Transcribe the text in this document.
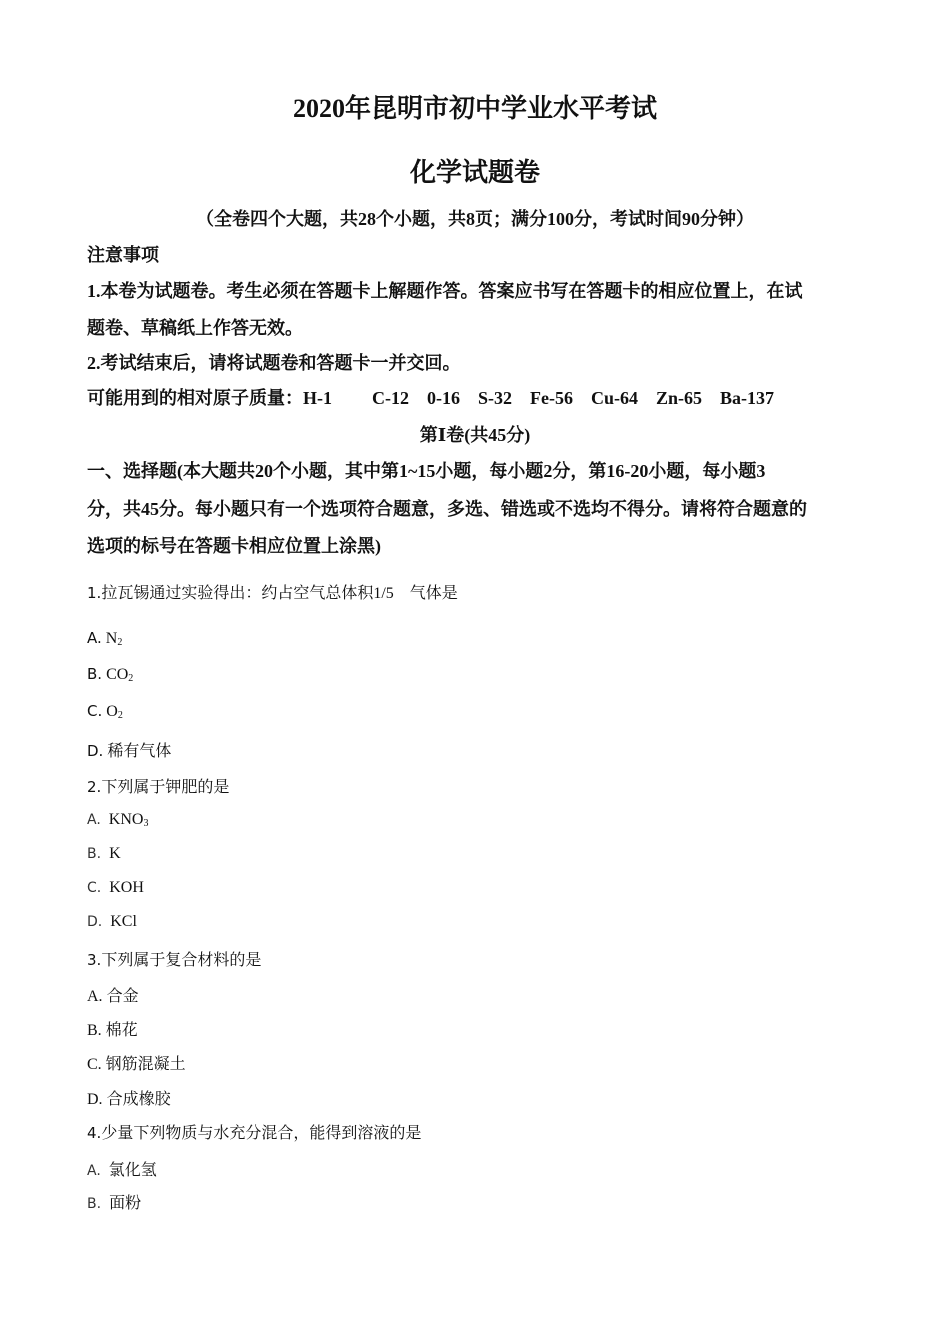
2020年昆明市初中学业水平考试
化学试题卷
（全卷四个大题，共28个小题，共8页；满分100分，考试时间90分钟）
注意事项
1.本卷为试题卷。考生必须在答题卡上解题作答。答案应书写在答题卡的相应位置上，在试
题卷、草稿纸上作答无效。
2.考试结束后，请将试题卷和答题卡一并交回。
可能用到的相对原子质量：H-1 C-12 0-16 S-32 Fe-56 Cu-64 Zn-65 Ba-137
第Ⅰ卷(共45分)
一、选择题(本大题共20个小题，其中第1~15小题，每小题2分，第16-20小题，每小题3
分，共45分。每小题只有一个选项符合题意，多选、错选或不选均不得分。请将符合题意的
选项的标号在答题卡相应位置上涂黑)
1.拉瓦锡通过实验得出：约占空气总体积1/5　气体是
A. $N_2$
B. $CO_2$
C. $O_2$
D. 稀有气体
2.下列属于钾肥的是
A. $KNO_3$
B. K
C. KOH
D. KCl
3.下列属于复合材料的是
A. 合金
B. 棉花
C. 钢筋混凝土
D. 合成橡胶
4.少量下列物质与水充分混合，能得到溶液的是
A. 氯化氢
B. 面粉
